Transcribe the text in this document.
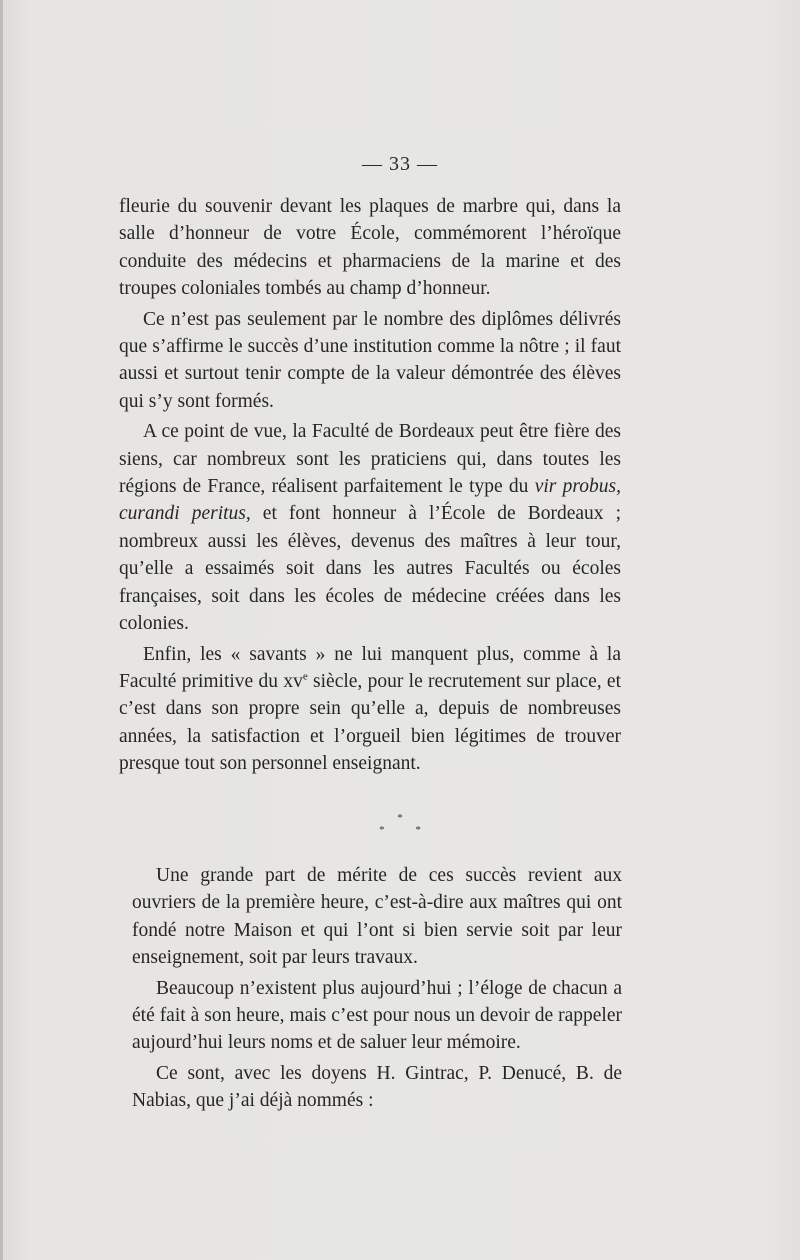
— 33 —

fleurie du souvenir devant les plaques de marbre qui, dans la salle d’honneur de votre École, commémorent l’héroïque conduite des médecins et pharmaciens de la marine et des troupes coloniales tombés au champ d’honneur.

Ce n’est pas seulement par le nombre des diplômes délivrés que s’affirme le succès d’une institution comme la nôtre ; il faut aussi et surtout tenir compte de la valeur démontrée des élèves qui s’y sont formés.

A ce point de vue, la Faculté de Bordeaux peut être fière des siens, car nombreux sont les praticiens qui, dans toutes les régions de France, réalisent parfaitement le type du vir probus, curandi peritus, et font honneur à l’École de Bordeaux ; nombreux aussi les élèves, devenus des maîtres à leur tour, qu’elle a essaimés soit dans les autres Facultés ou écoles françaises, soit dans les écoles de médecine créées dans les colonies.

Enfin, les « savants » ne lui manquent plus, comme à la Faculté primitive du $xv^e$ siècle, pour le recrutement sur place, et c’est dans son propre sein qu’elle a, depuis de nombreuses années, la satisfaction et l’orgueil bien légitimes de trouver presque tout son personnel enseignant.

*
* *

Une grande part de mérite de ces succès revient aux ouvriers de la première heure, c’est-à-dire aux maîtres qui ont fondé notre Maison et qui l’ont si bien servie soit par leur enseignement, soit par leurs travaux.

Beaucoup n’existent plus aujourd’hui ; l’éloge de chacun a été fait à son heure, mais c’est pour nous un devoir de rappeler aujourd’hui leurs noms et de saluer leur mémoire.

Ce sont, avec les doyens H. Gintrac, P. Denucé, B. de Nabias, que j’ai déjà nommés :
